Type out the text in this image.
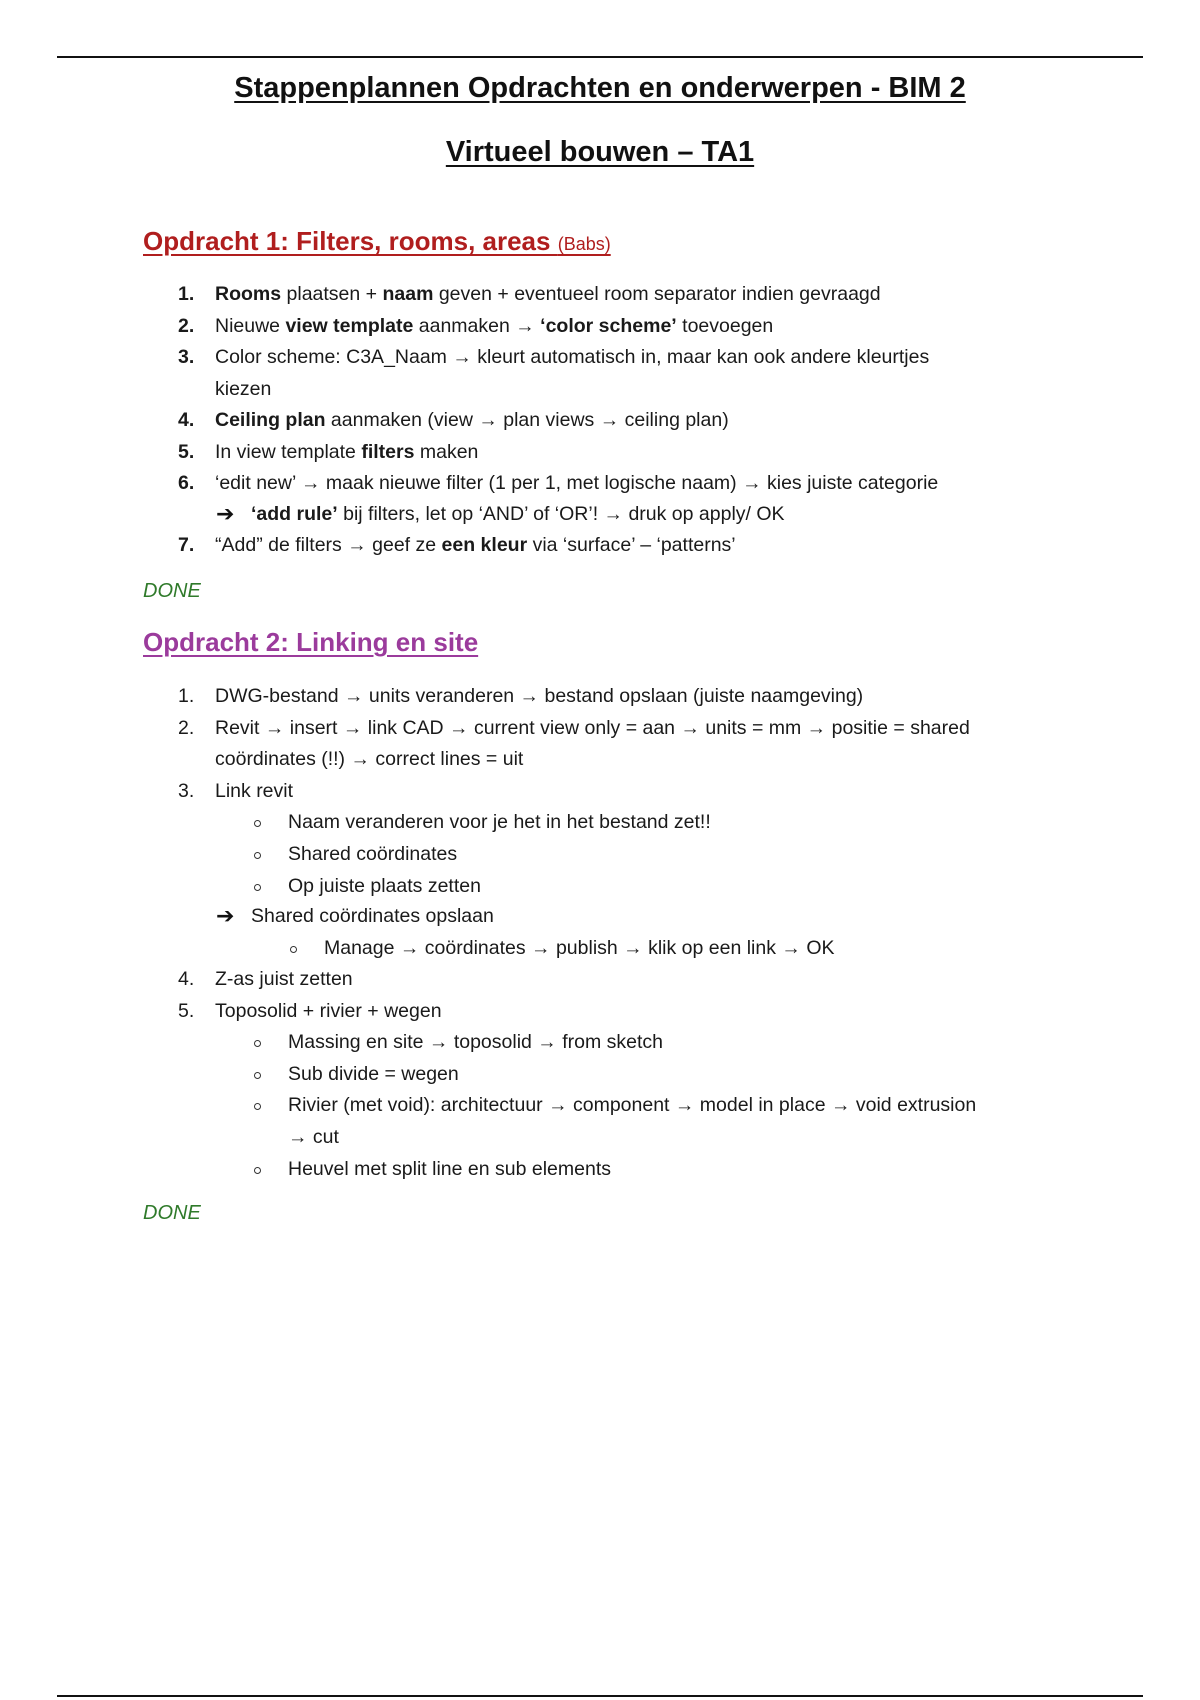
Stappenplannen Opdrachten en onderwerpen - BIM 2
Virtueel bouwen – TA1
Opdracht 1: Filters, rooms, areas (Babs)
1. Rooms plaatsen + naam geven + eventueel room separator indien gevraagd
2. Nieuwe view template aanmaken → ‘color scheme’ toevoegen
3. Color scheme: C3A_Naam → kleurt automatisch in, maar kan ook andere kleurtjes
kiezen
4. Ceiling plan aanmaken (view → plan views → ceiling plan)
5. In view template filters maken
6. ‘edit new’ → maak nieuwe filter (1 per 1, met logische naam) → kies juiste categorie
➔ ‘add rule’ bij filters, let op ‘AND’ of ‘OR’! → druk op apply/ OK
7. “Add” de filters → geef ze een kleur via ‘surface’ – ‘patterns’
DONE
Opdracht 2: Linking en site
1. DWG-bestand → units veranderen → bestand opslaan (juiste naamgeving)
2. Revit → insert → link CAD → current view only = aan → units = mm → positie = shared
coördinates (!!) → correct lines = uit
3. Link revit
Naam veranderen voor je het in het bestand zet!!
Shared coördinates
Op juiste plaats zetten
➔ Shared coördinates opslaan
Manage → coördinates → publish → klik op een link → OK
4. Z-as juist zetten
5. Toposolid + rivier + wegen
Massing en site → toposolid → from sketch
Sub divide = wegen
Rivier (met void): architectuur → component → model in place → void extrusion
→ cut
Heuvel met split line en sub elements
DONE
